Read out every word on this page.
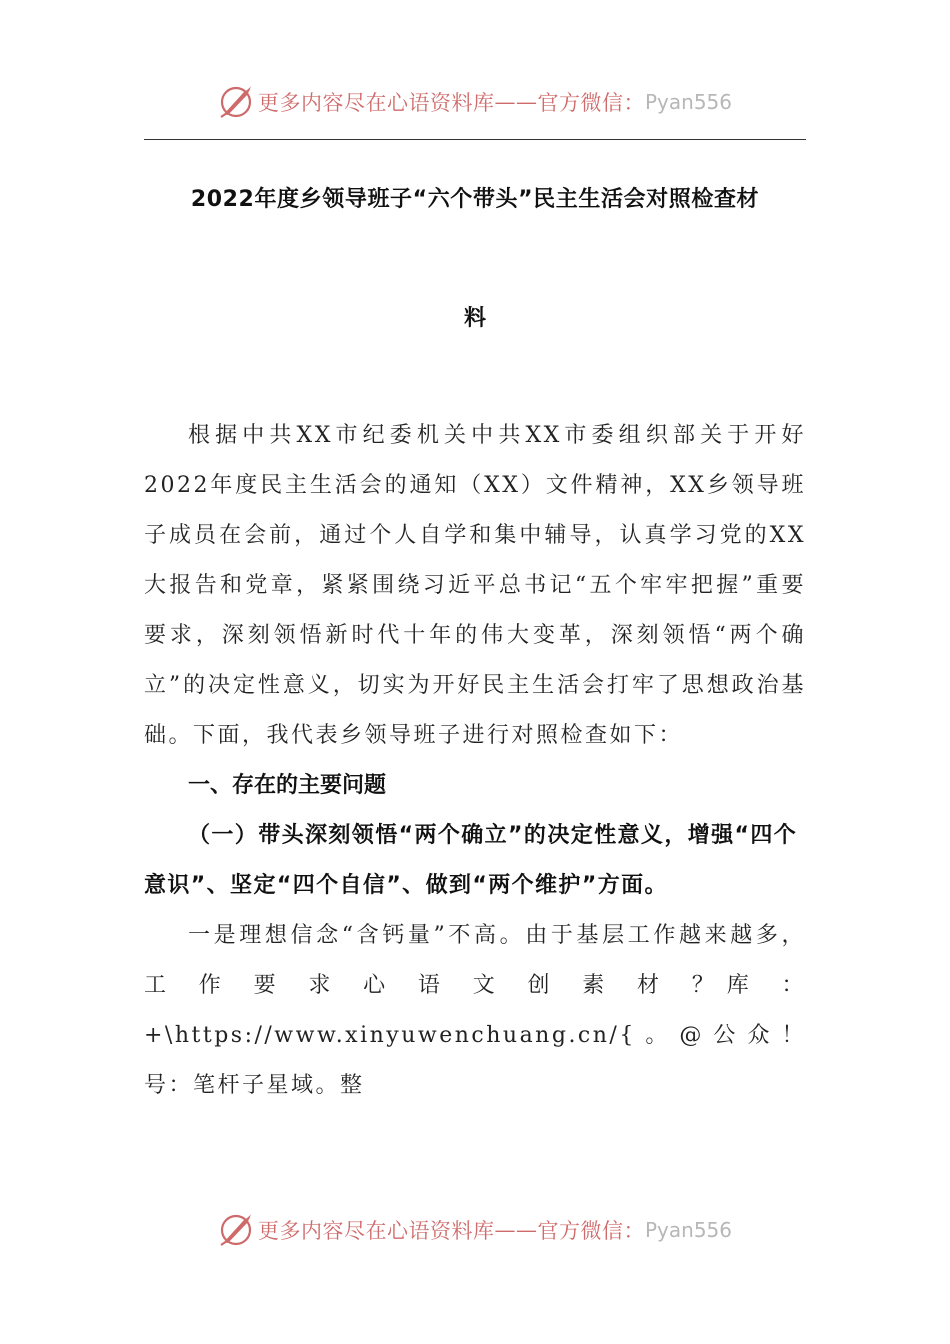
更多内容尽在心语资料库 —— 官方微信： Pyan556
2022年度乡领导班子“六个带头”民主生活会对照检查材
料

根据中共XX市纪委机关中共XX市委组织部关于开好2022年度民主生活会的通知（XX）文件精神，XX乡领导班子成员在会前，通过个人自学和集中辅导，认真学习党的XX大报告和党章，紧紧围绕习近平总书记“五个牢牢把握”重要要求，深刻领悟新时代十年的伟大变革，深刻领悟“两个确立”的决定性意义，切实为开好民主生活会打牢了思想政治基础。下面，我代表乡领导班子进行对照检查如下：

一、存在的主要问题

（一）带头深刻领悟“两个确立”的决定性意义，增强“四个意识”、坚定“四个自信”、做到“两个维护”方面。

一是理想信念“含钙量”不高。由于基层工作越来越多， 工 作 要 求 心 语 文 创 素 材 ？库 ： +\https://www.xinyuwenchuang.cn/{。@公众！号：笔杆子星域。整

更多内容尽在心语资料库 —— 官方微信： Pyan556
